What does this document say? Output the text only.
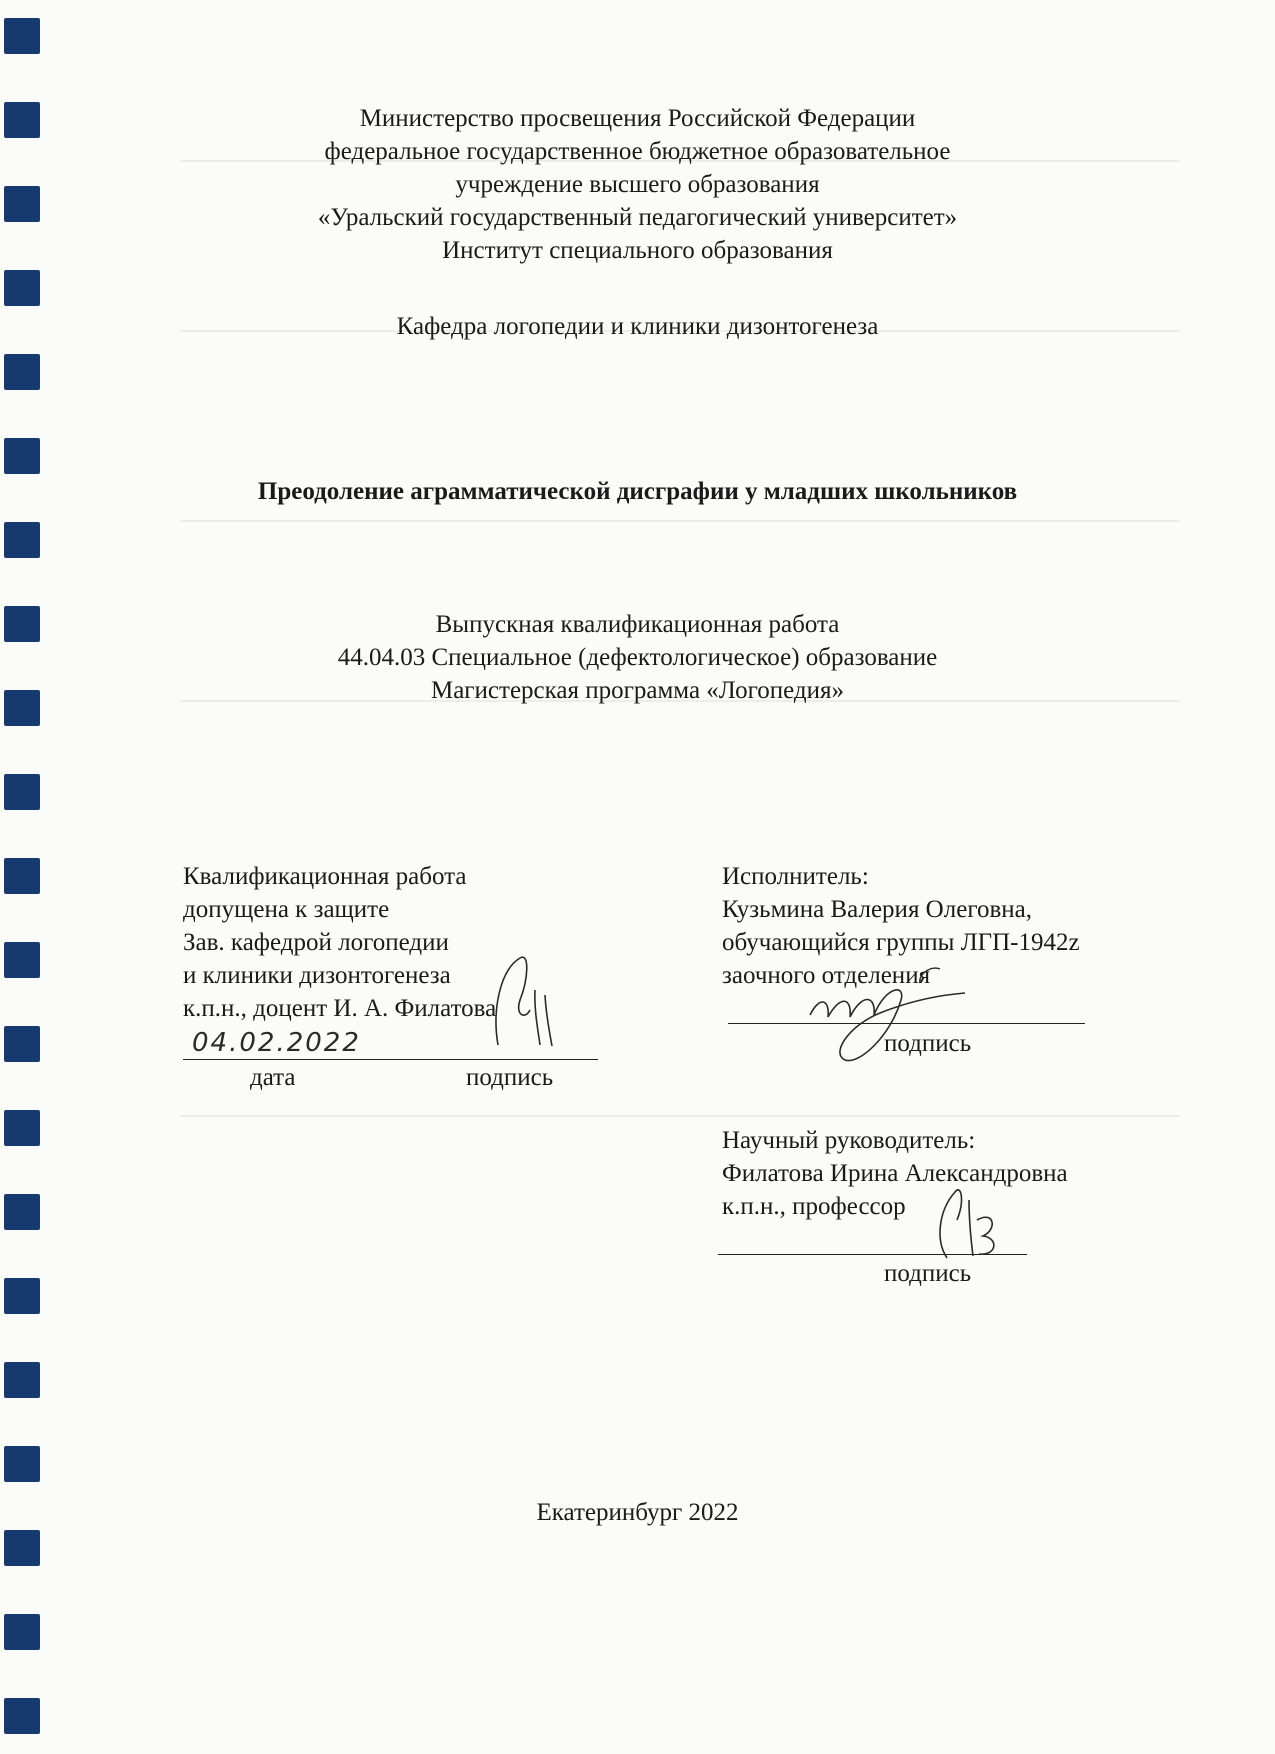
Министерство просвещения Российской Федерации
федеральное государственное бюджетное образовательное
учреждение высшего образования
«Уральский государственный педагогический университет»
Институт специального образования
Кафедра логопедии и клиники дизонтогенеза
Преодоление аграмматической дисграфии у младших школьников
Выпускная квалификационная работа
44.04.03 Специальное (дефектологическое) образование
Магистерская программа «Логопедия»
Квалификационная работа
допущена к защите
Зав. кафедрой логопедии
и клиники дизонтогенеза
к.п.н., доцент И. А. Филатова
04.02.2022
дата	подпись
Исполнитель:
Кузьмина Валерия Олеговна,
обучающийся группы ЛГП-1942z
заочного отделения
подпись
Научный руководитель:
Филатова Ирина Александровна
к.п.н., профессор
подпись
Екатеринбург 2022
